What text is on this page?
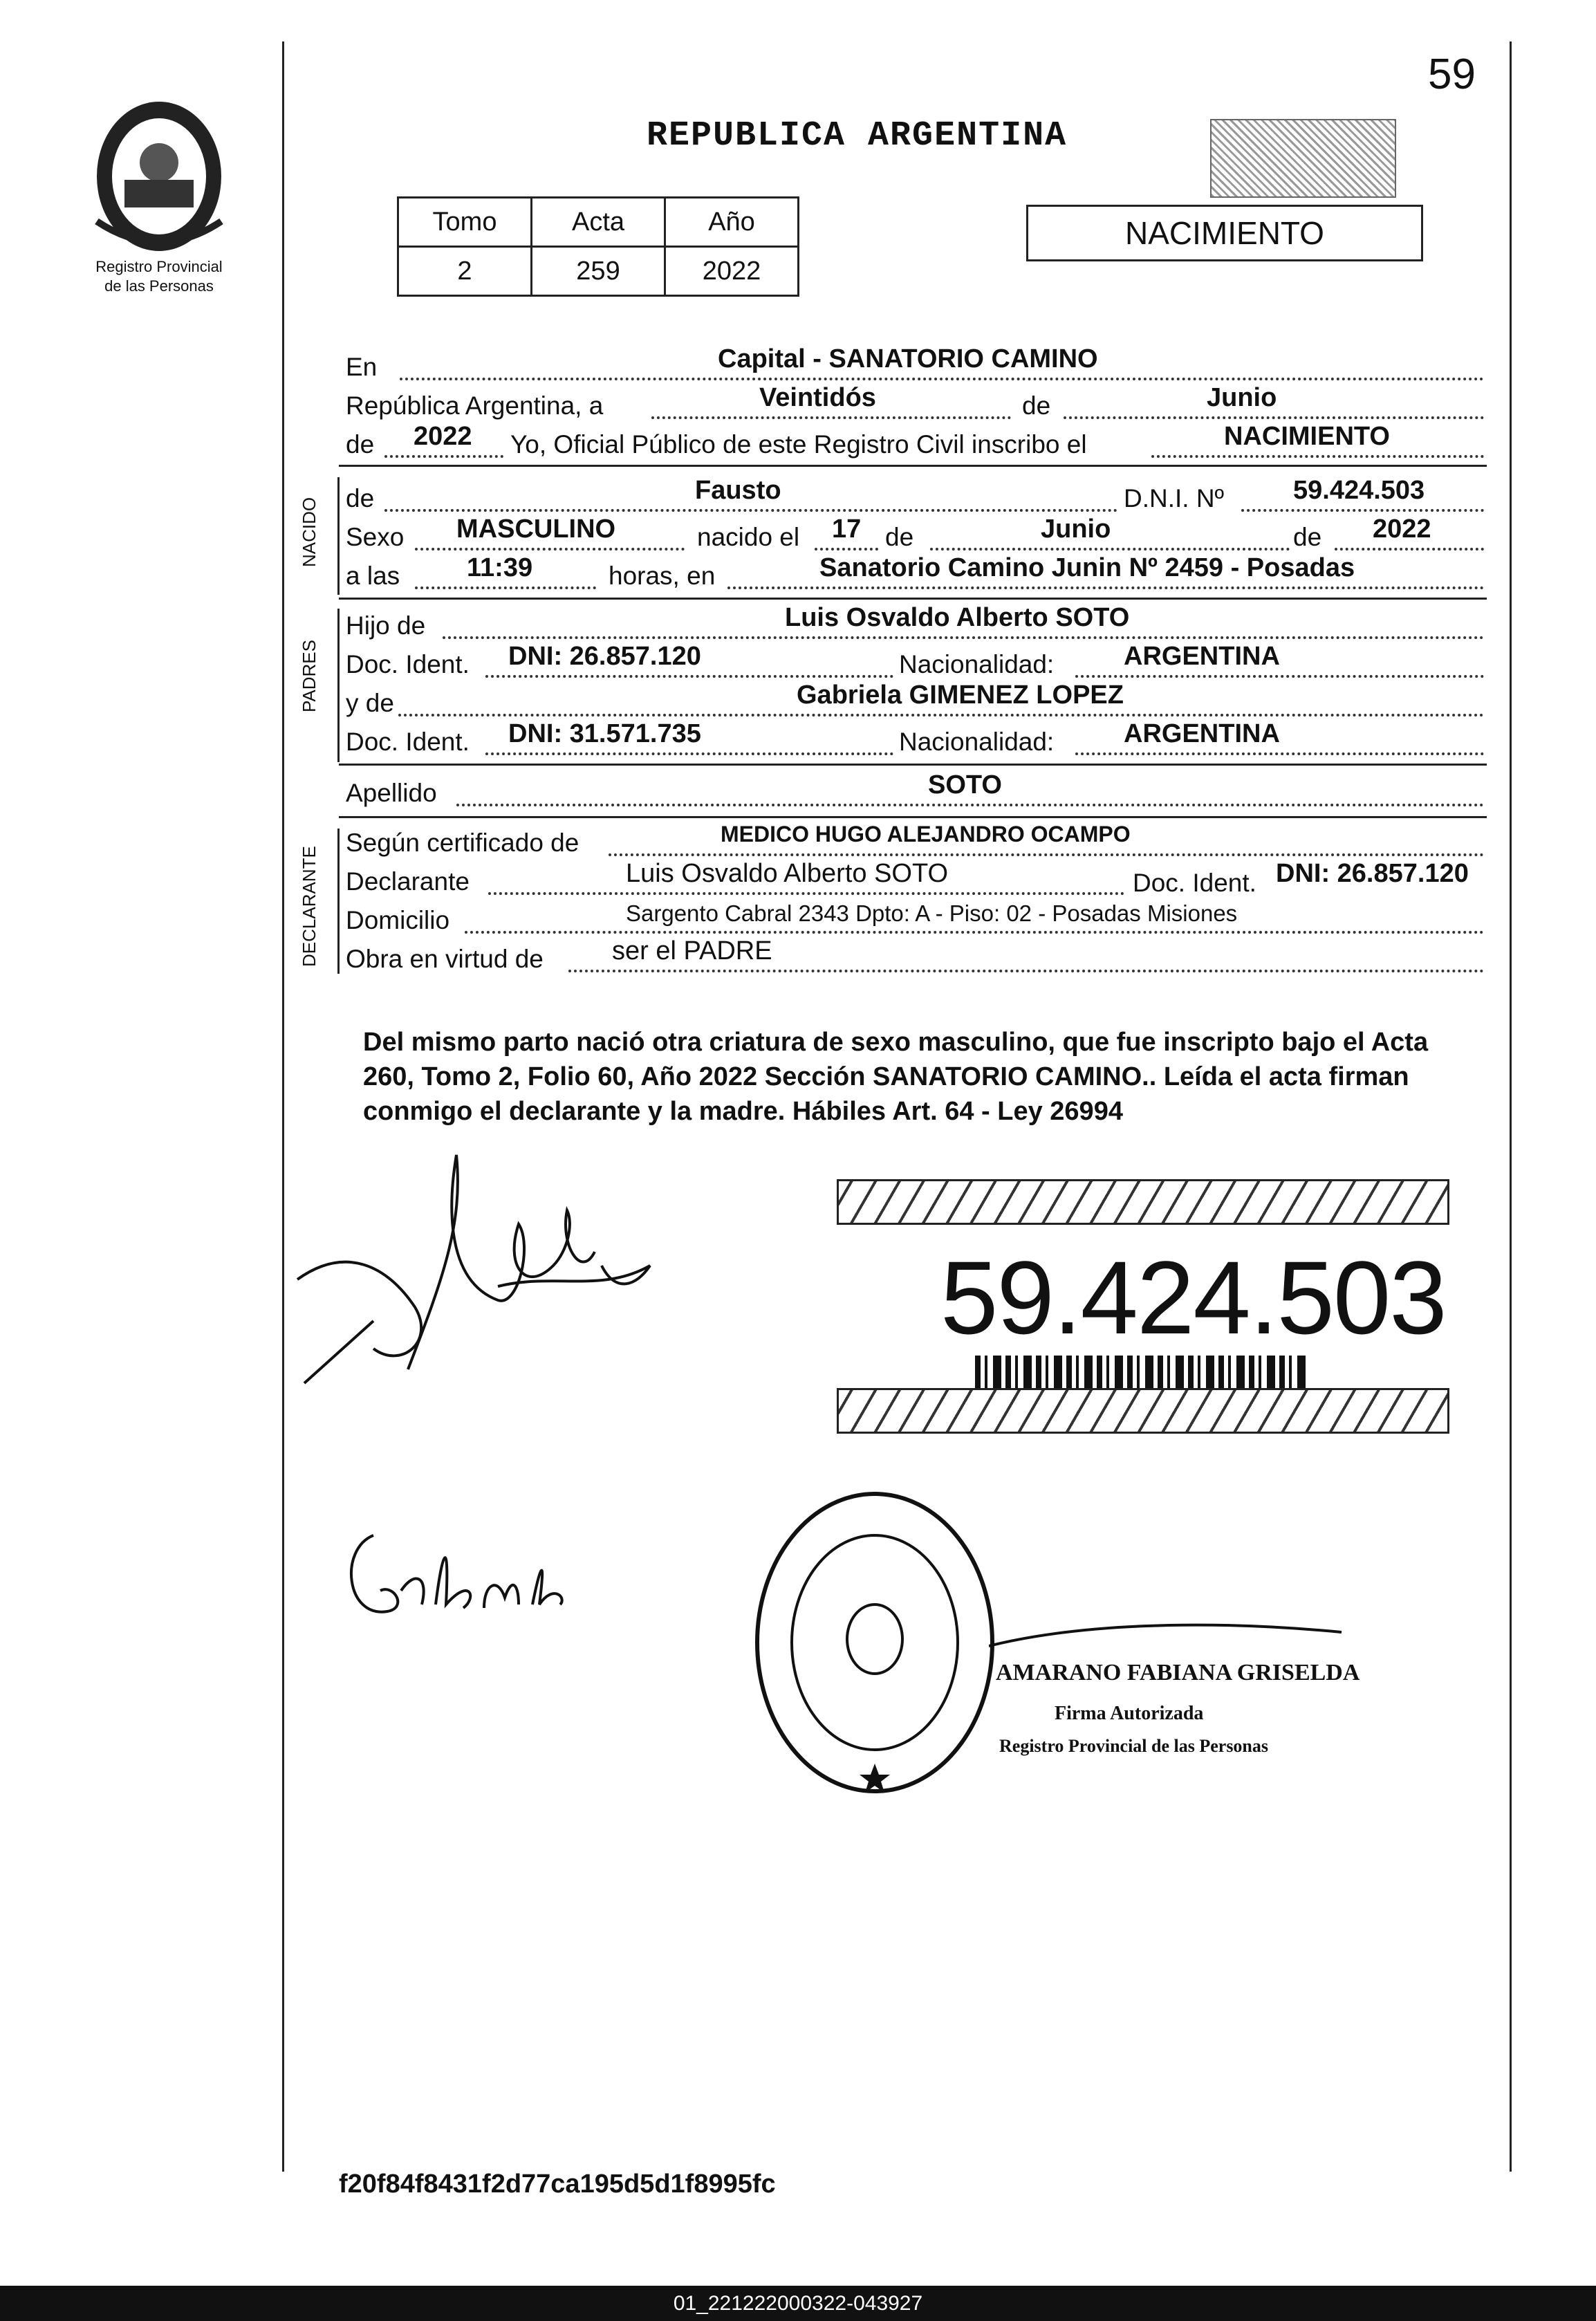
59
Registro Provincial
de las Personas
REPUBLICA ARGENTINA
Tomo	Acta	Año
2	259	2022
NACIMIENTO
En	Capital - SANATORIO CAMINO
República Argentina, a	Veintidós	de	Junio
de 2022 Yo, Oficial Público de este Registro Civil inscribo el	NACIMIENTO
NACIDO de	Fausto	D.N.I. Nº	59.424.503
Sexo MASCULINO	nacido el 17 de	Junio	de 2022
a las	11:39	horas, en	Sanatorio Camino Junin Nº 2459 - Posadas
PADRES
Hijo de	Luis Osvaldo Alberto SOTO
Doc. Ident. DNI: 26.857.120	Nacionalidad:	ARGENTINA
y de	Gabriela GIMENEZ LOPEZ
Doc. Ident. DNI: 31.571.735	Nacionalidad:	ARGENTINA
Apellido	SOTO
DECLARANTE
Según certificado de	MEDICO HUGO ALEJANDRO OCAMPO
Declarante	Luis Osvaldo Alberto SOTO	Doc. Ident. DNI: 26.857.120
Domicilio	Sargento Cabral 2343 Dpto: A - Piso: 02 - Posadas Misiones
Obra en virtud de	ser el PADRE
Del mismo parto nació otra criatura de sexo masculino, que fue inscripto bajo el Acta 260, Tomo 2, Folio 60, Año 2022 Sección SANATORIO CAMINO.. Leída el acta firman conmigo el declarante y la madre. Hábiles Art. 64 - Ley 26994
59.424.503
AMARANO FABIANA GRISELDA
Firma Autorizada
Registro Provincial de las Personas
f20f84f8431f2d77ca195d5d1f8995fc
01_221222000322-043927
